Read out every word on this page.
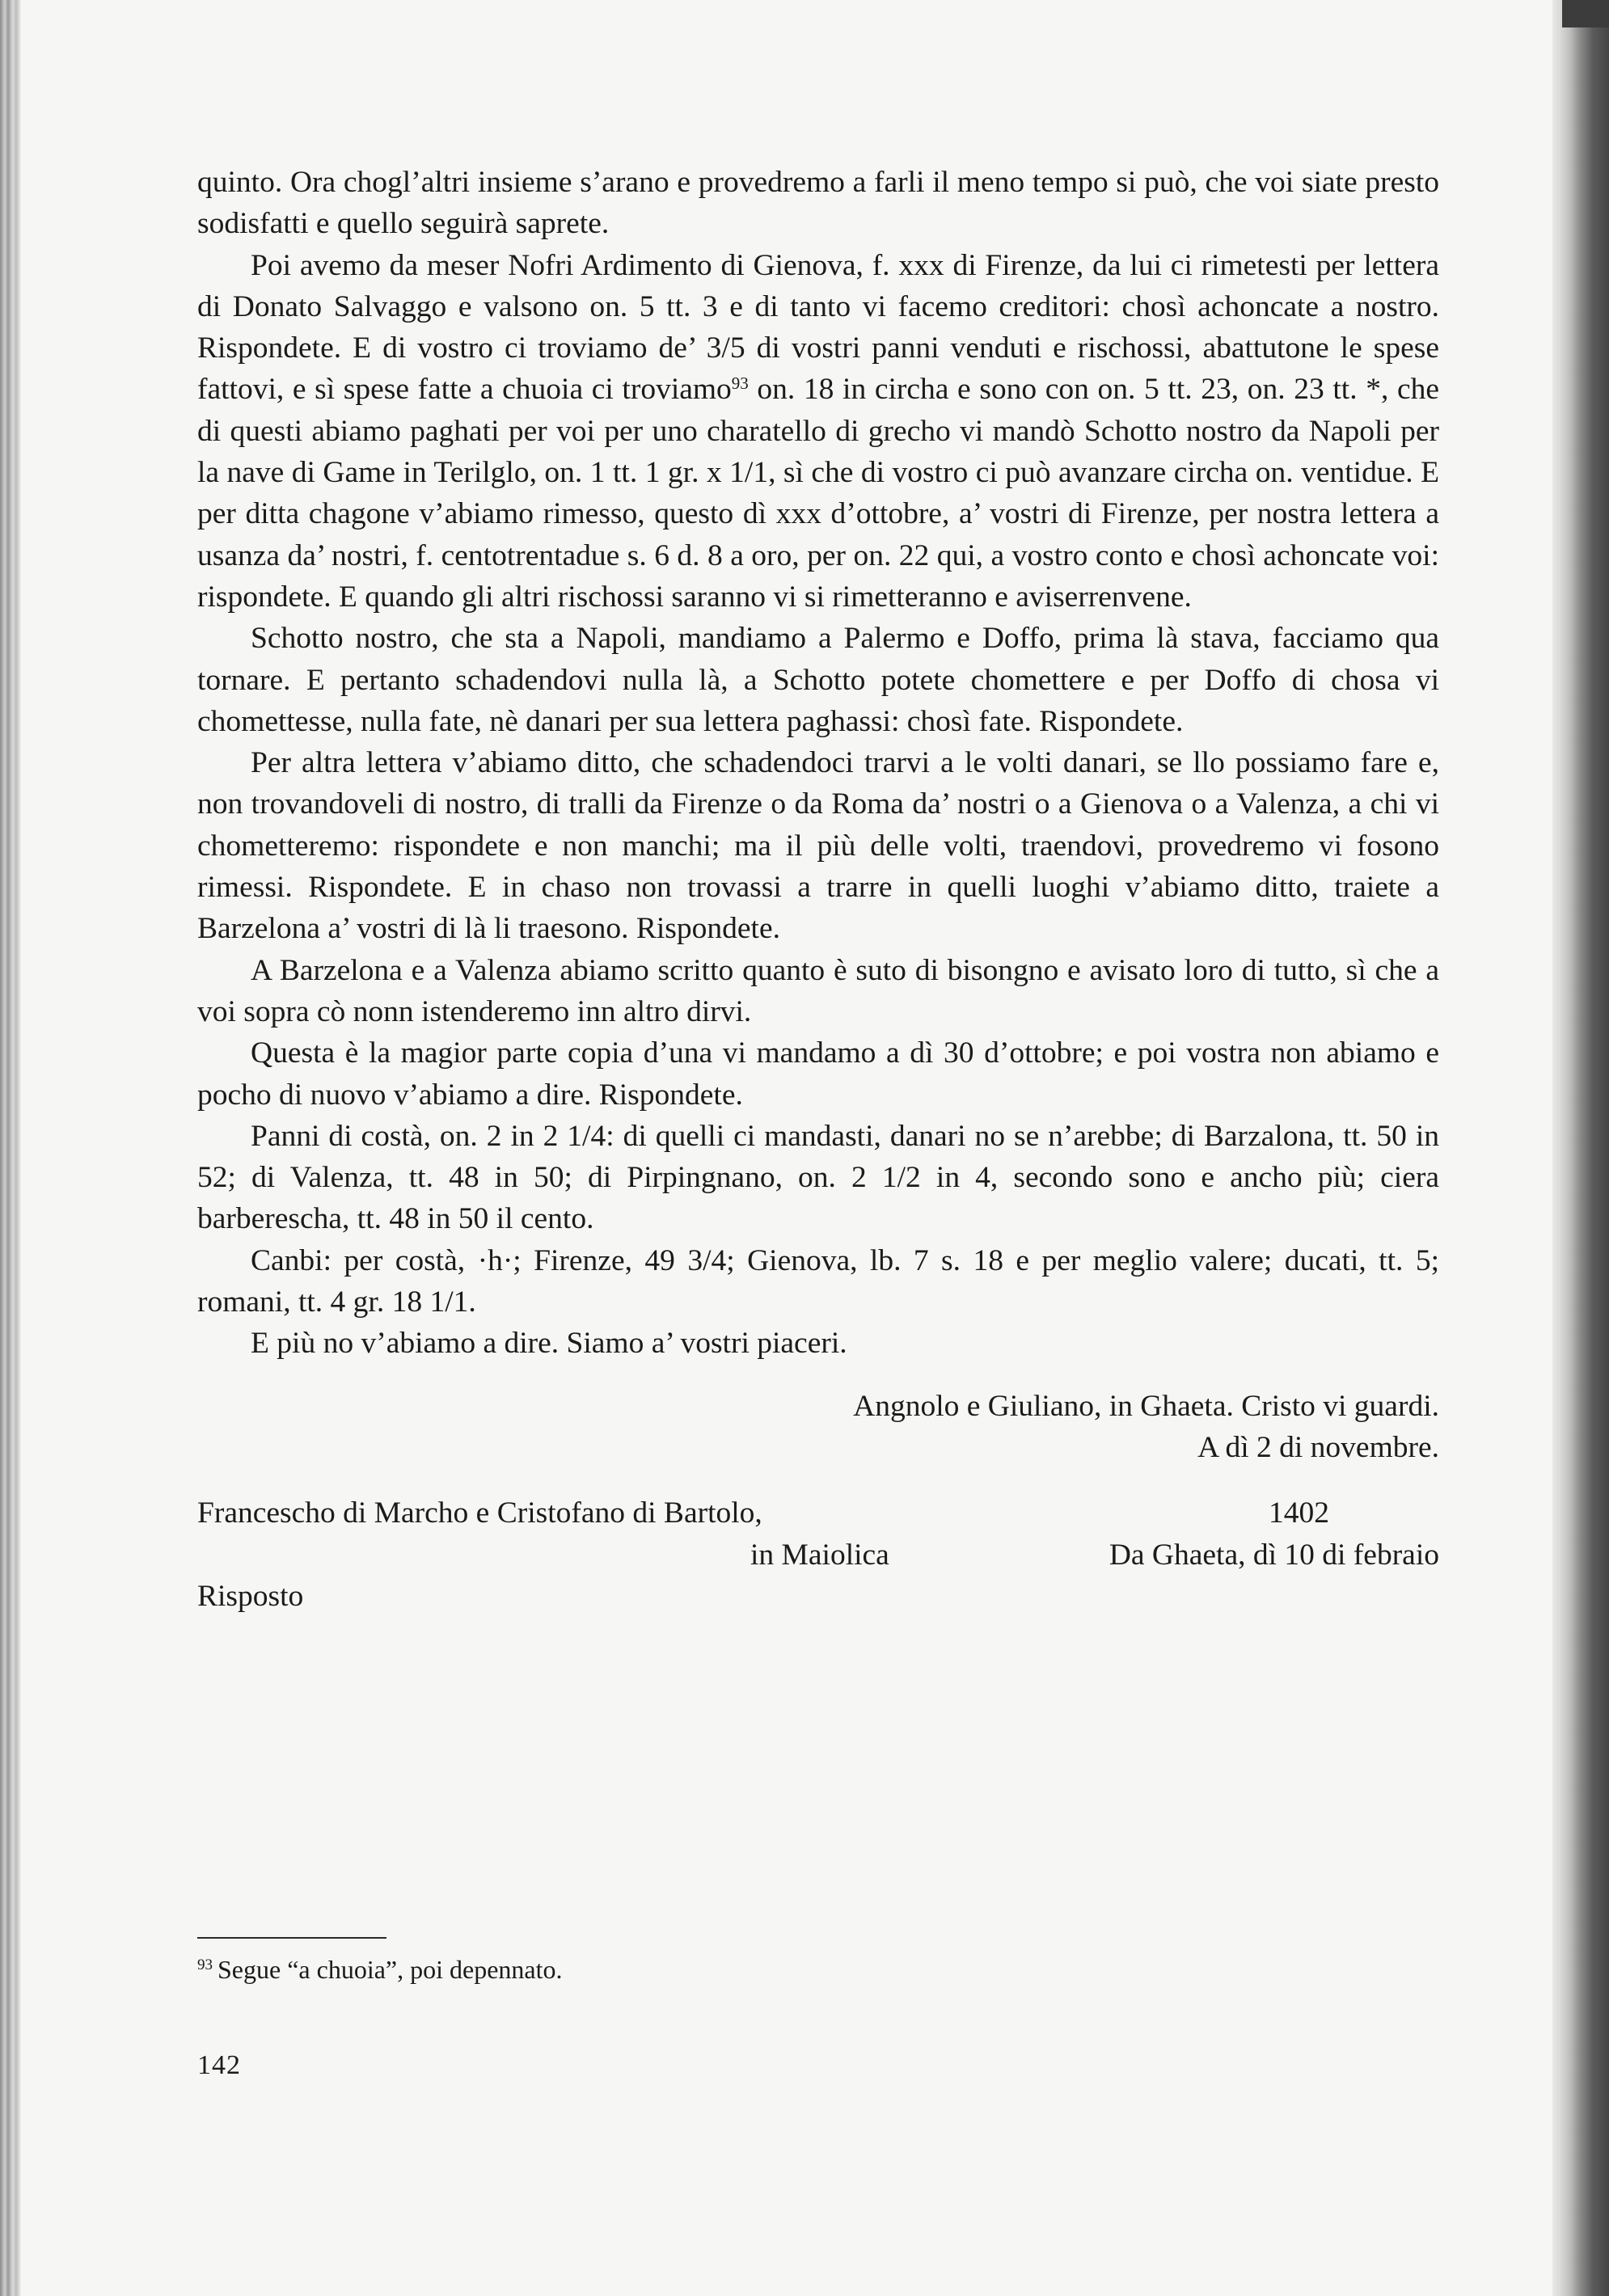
quinto. Ora chogl’altri insieme s’arano e provedremo a farli il meno tempo si può, che voi siate presto sodisfatti e quello seguirà saprete.

Poi avemo da meser Nofri Ardimento di Gienova, f. xxx di Firenze, da lui ci rimetesti per lettera di Donato Salvaggo e valsono on. 5 tt. 3 e di tanto vi facemo creditori: chosì achoncate a nostro. Rispondete. E di vostro ci troviamo de’ 3/5 di vostri panni venduti e rischossi, abattutone le spese fattovi, e sì spese fatte a chuoia ci troviamo$^{93}$ on. 18 in circha e sono con on. 5 tt. 23, on. 23 tt. *, che di questi abiamo paghati per voi per uno charatello di grecho vi mandò Schotto nostro da Napoli per la nave di Game in Terilglo, on. 1 tt. 1 gr. x 1/1, sì che di vostro ci può avanzare circha on. ventidue. E per ditta chagone v’abiamo rimesso, questo dì xxx d’ottobre, a’ vostri di Firenze, per nostra lettera a usanza da’ nostri, f. centotrentadue s. 6 d. 8 a oro, per on. 22 qui, a vostro conto e chosì achoncate voi: rispondete. E quando gli altri rischossi saranno vi si rimetteranno e aviserrenvene.

Schotto nostro, che sta a Napoli, mandiamo a Palermo e Doffo, prima là stava, facciamo qua tornare. E pertanto schadendovi nulla là, a Schotto potete chomettere e per Doffo di chosa vi chomettesse, nulla fate, nè danari per sua lettera paghassi: chosì fate. Rispondete.

Per altra lettera v’abiamo ditto, che schadendoci trarvi a le volti danari, se llo possiamo fare e, non trovandoveli di nostro, di tralli da Firenze o da Roma da’ nostri o a Gienova o a Valenza, a chi vi chometteremo: rispondete e non manchi; ma il più delle volti, traendovi, provedremo vi fosono rimessi. Rispondete. E in chaso non trovassi a trarre in quelli luoghi v’abiamo ditto, traiete a Barzelona a’ vostri di là li traesono. Rispondete.

A Barzelona e a Valenza abiamo scritto quanto è suto di bisongno e avisato loro di tutto, sì che a voi sopra cò nonn istenderemo inn altro dirvi.

Questa è la magior parte copia d’una vi mandamo a dì 30 d’ottobre; e poi vostra non abiamo e pocho di nuovo v’abiamo a dire. Rispondete.

Panni di costà, on. 2 in 2 1/4: di quelli ci mandasti, danari no se n’arebbe; di Barzalona, tt. 50 in 52; di Valenza, tt. 48 in 50; di Pirpingnano, on. 2 1/2 in 4, secondo sono e ancho più; ciera barberescha, tt. 48 in 50 il cento.

Canbi: per costà, ·h·; Firenze, 49 3/4; Gienova, lb. 7 s. 18 e per meglio valere; ducati, tt. 5; romani, tt. 4 gr. 18 1/1.

E più no v’abiamo a dire. Siamo a’ vostri piaceri.

Angnolo e Giuliano, in Ghaeta. Cristo vi guardi.

A dì 2 di novembre.

Francescho di Marcho e Cristofano di Bartolo,	1402
in Maiolica	Da Ghaeta, dì 10 di febraio
Risposto
$^{93}$ Segue “a chuoia”, poi depennato.
142
